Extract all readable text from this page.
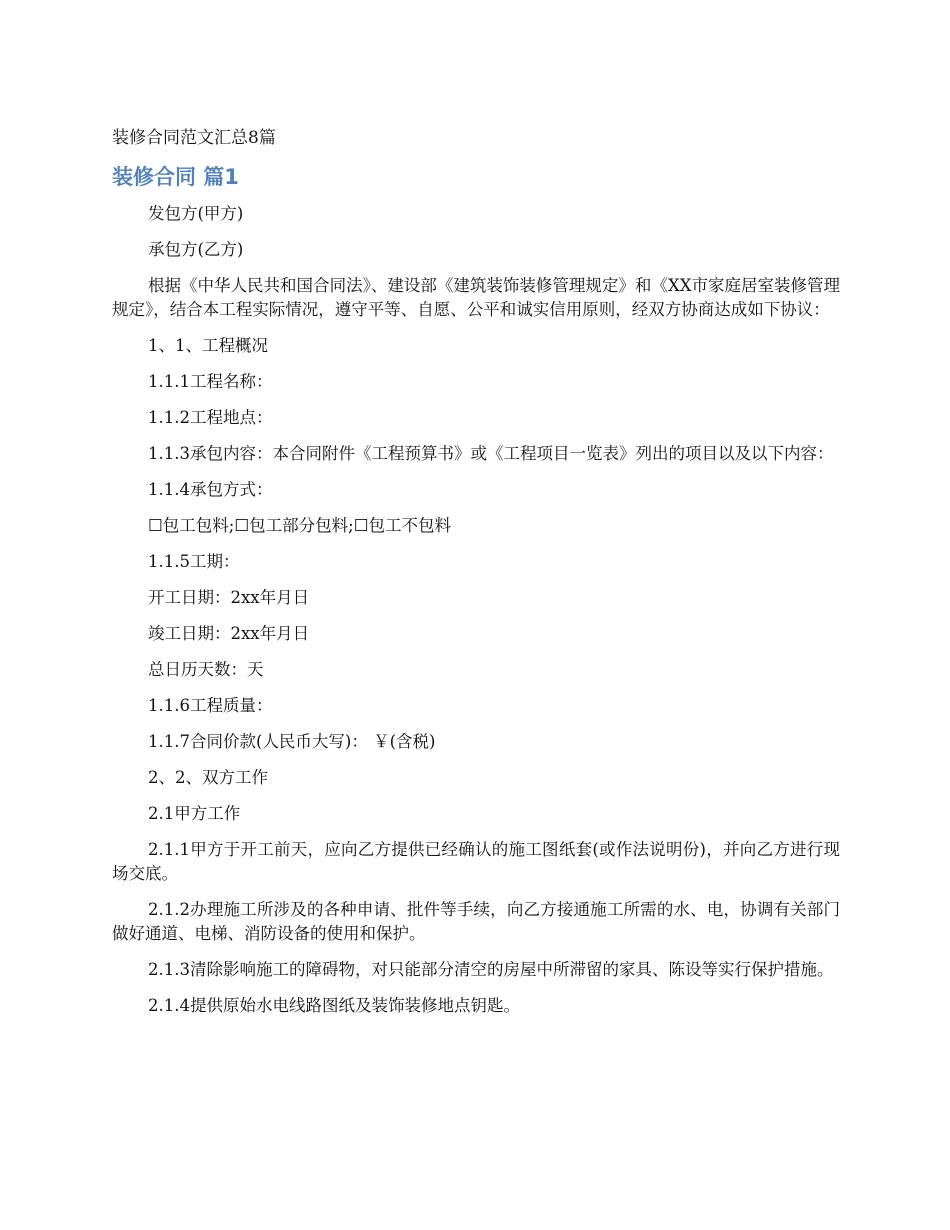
装修合同范文汇总8篇
装修合同 篇1

发包方(甲方)

承包方(乙方)

根据《中华人民共和国合同法》、建设部《建筑装饰装修管理规定》和《XX市家庭居室装修管理规定》，结合本工程实际情况，遵守平等、自愿、公平和诚实信用原则，经双方协商达成如下协议：

1、1、工程概况

1.1.1工程名称：

1.1.2工程地点：

1.1.3承包内容：本合同附件《工程预算书》或《工程项目一览表》列出的项目以及以下内容：

1.1.4承包方式：

☐包工包料;☐包工部分包料;☐包工不包料

1.1.5工期：

开工日期：2xx年月日

竣工日期：2xx年月日

总日历天数：天

1.1.6工程质量：

1.1.7合同价款(人民币大写)： ￥(含税)

2、2、双方工作

2.1甲方工作

2.1.1甲方于开工前天，应向乙方提供已经确认的施工图纸套(或作法说明份)，并向乙方进行现场交底。

2.1.2办理施工所涉及的各种申请、批件等手续，向乙方接通施工所需的水、电，协调有关部门做好通道、电梯、消防设备的使用和保护。

2.1.3清除影响施工的障碍物，对只能部分清空的房屋中所滞留的家具、陈设等实行保护措施。

2.1.4提供原始水电线路图纸及装饰装修地点钥匙。
